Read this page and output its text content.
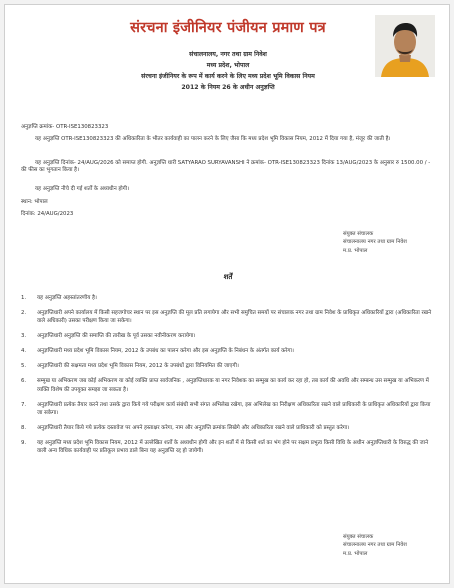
संरचना इंजीनियर पंजीयन प्रमाण पत्र
संचालनालय, नगर तथा ग्राम निवेश
मध्य प्रदेश, भोपाल
संरचना इंजीनियर के रूप में कार्य करने के लिए मध्य प्रदेश भूमि विकास नियम
2012 के नियम 26 के अधीन अनुज्ञप्ति
अनुज्ञप्ति क्रमांक- OTR-ISE130823323
यह अनुज्ञप्ति OTR-ISE130823323 की अधिकारिता के भीतर कार्यवाही का पालन करने के लिए जैसा कि मध्य प्रदेश भूमि विकास नियम, 2012 में दिया गया है, मंजूर की जाती है।
यह अनुज्ञप्ति दिनांक- 24/AUG/2026 को समाप्त होगी. अनुज्ञप्ति धारी SATYARAO SURYAVANSHI ने क्रमांक- OTR-ISE130823323 दिनांक 13/AUG/2023 के अनुसार रु 1500.00 / - की फीस का भुगतान किया है।
यह अनुज्ञप्ति नीचे दी गई शर्तों के अध्यधीन होगी।
स्थान: भोपाल
दिनांक: 24/AUG/2023
संयुक्त संचालक
संचालनालय नगर तथा ग्राम निवेश
म.प्र. भोपाल
शर्तें
1. यह अनुज्ञप्ति अहस्तांतरणीय है।
2. अनुज्ञप्तिधारी अपने कार्यालय में किसी सहजगोचर स्थान पर इस अनुज्ञप्ति की मूल प्रति लगायेगा और सभी समुचित समयों पर संचालक नगर तथा ग्राम निवेश के प्राधिकृत अधिकारियों द्वारा (अधिकारिता रखने वाले अधिकारी) उसका परीक्षण किया जा सकेगा।
3. अनुज्ञप्तिधारी अनुज्ञप्ति की समाप्ति की तारीख के पूर्व उसका नवीनीकरण करायेगा।
4. अनुज्ञप्तिधारी मध्य प्रदेश भूमि विकास नियम, 2012 के उपबंध का पालन करेगा और इस अनुज्ञप्ति के निबंधन के अंतर्गत कार्य करेगा।
5. अनुज्ञप्तिधारी की सक्षमता मध्य प्रदेश भूमि विकास नियम, 2012 के उपबंधों द्वारा विनियमित की जाएगी।
6. सम्मुख या अभिकरण जब कोई अभिकरण या कोई व्यक्ति प्राप्त सार्वजनिक , अनुज्ञप्तिधारक या नगर निवेशक का सम्मुख का कार्य कर रहा हो, तब कार्य की अवधि और सम्बन्ध उस सम्मुख या अभिकरण में व्यक्ति विशेष की उपयुक्त समझा जा सकता है।
7. अनुज्ञप्तिधारी प्रत्येक तैयार करने तथा उसके द्वारा किये गये परीक्षण कार्य संबंधी सभी संगत अभिलेख रखेगा, इस अभिलेख का निरीक्षण अधिकारिता रखने वाले प्राधिकारी के प्राधिकृत अधिकारियों द्वारा किया जा सकेगा।
8. अनुज्ञप्तिधारी तैयार किये गये प्रत्येक दस्तावेज पर अपने हस्ताक्षर करेगा, नाम और अनुज्ञप्ति क्रमांक लिखेगे और अधिकारिता रखने वाले प्राधिकारी को प्रस्तुत करेगा।
9. यह अनुज्ञप्ति मध्य प्रदेश भूमि विकास नियम, 2012 में उल्लेखित शर्तों के अध्यधीन होगी और इन शर्तों में से किसी शर्त का भंग होने पर सक्षम प्रभुत्व किसी विधि के अधीन अनुज्ञप्तिधारी के विरुद्ध की जाने वाली अन्य विधिक कार्यवाही पर प्रतिकूल प्रभाव डाले बिना यह अनुज्ञप्ति रद्द हो जायेगी।
संयुक्त संचालक
संचालनालय नगर तथा ग्राम निवेश
म.प्र. भोपाल
